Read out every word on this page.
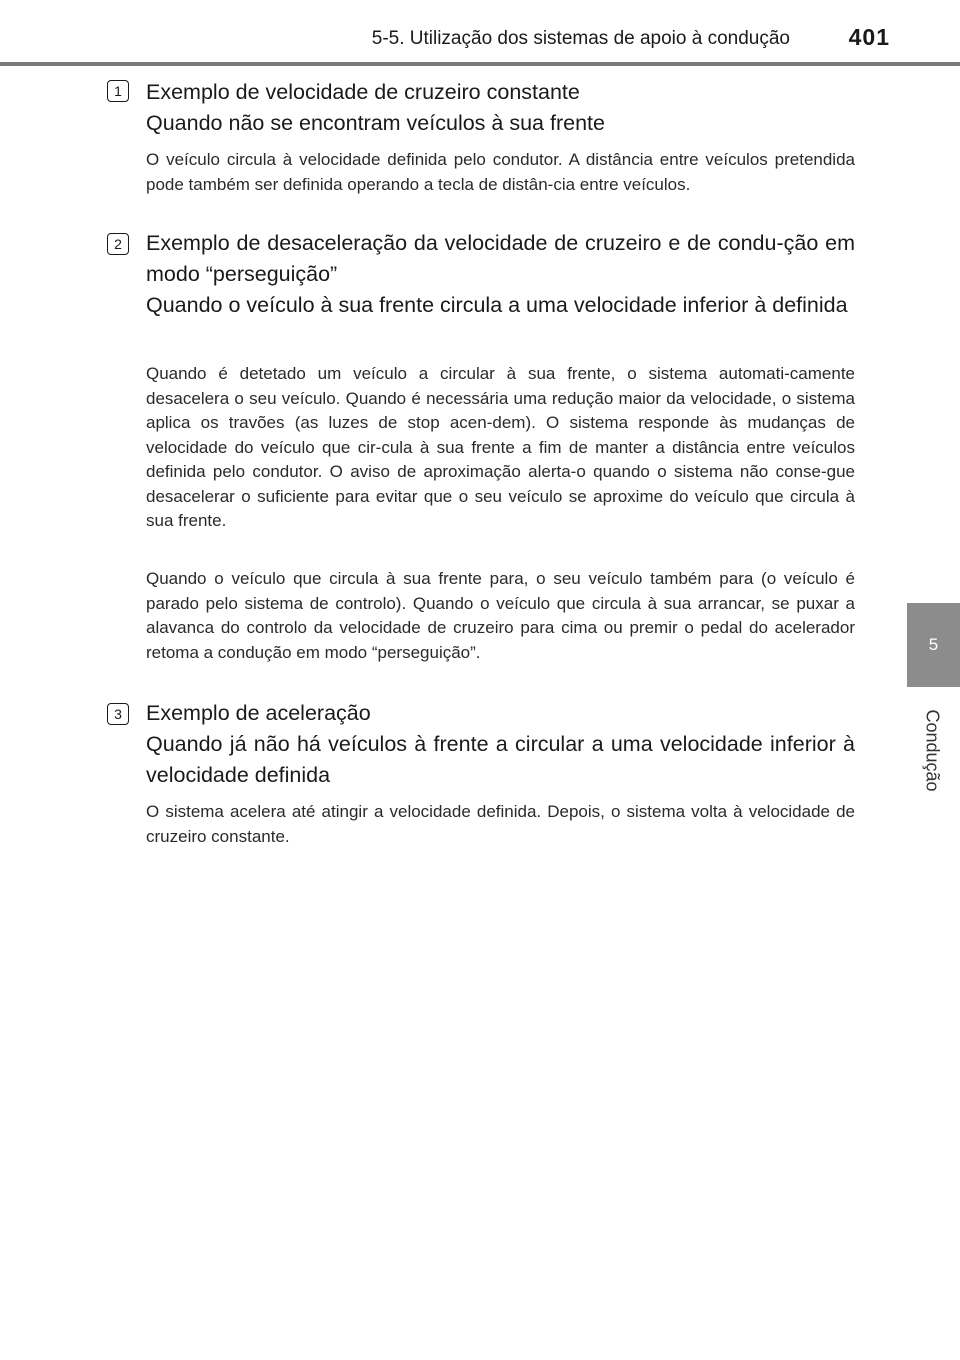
5-5. Utilização dos sistemas de apoio à condução	401
5
Condução
1	Exemplo de velocidade de cruzeiro constante
Quando não se encontram veículos à sua frente
O veículo circula à velocidade definida pelo condutor. A distância entre veículos pretendida pode também ser definida operando a tecla de distân-cia entre veículos.
2	Exemplo de desaceleração da velocidade de cruzeiro e de condu-ção em modo “perseguição”
Quando o veículo à sua frente circula a uma velocidade inferior à definida
Quando é detetado um veículo a circular à sua frente, o sistema automati-camente desacelera o seu veículo. Quando é necessária uma redução maior da velocidade, o sistema aplica os travões (as luzes de stop acen-dem). O sistema responde às mudanças de velocidade do veículo que cir-cula à sua frente a fim de manter a distância entre veículos definida pelo condutor. O aviso de aproximação alerta-o quando o sistema não conse-gue desacelerar o suficiente para evitar que o seu veículo se aproxime do veículo que circula à sua frente.
Quando o veículo que circula à sua frente para, o seu veículo também para (o veículo é parado pelo sistema de controlo). Quando o veículo que circula à sua arrancar, se puxar a alavanca do controlo da velocidade de cruzeiro para cima ou premir o pedal do acelerador retoma a condução em modo “perseguição”.
3	Exemplo de aceleração
Quando já não há veículos à frente a circular a uma velocidade inferior à velocidade definida
O sistema acelera até atingir a velocidade definida. Depois, o sistema volta à velocidade de cruzeiro constante.
